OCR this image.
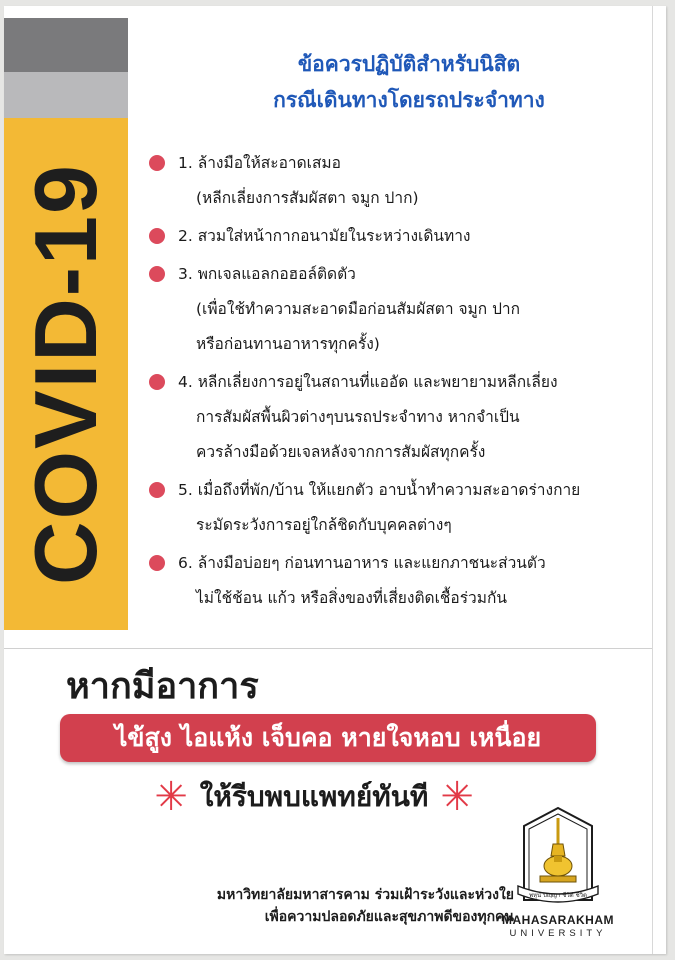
COVID-19
ข้อควรปฏิบัติสำหรับนิสิต
กรณีเดินทางโดยรถประจำทาง
1. ล้างมือให้สะอาดเสมอ
(หลีกเลี่ยงการสัมผัสตา จมูก ปาก)
2. สวมใส่หน้ากากอนามัยในระหว่างเดินทาง
3. พกเจลแอลกอฮอล์ติดตัว
(เพื่อใช้ทำความสะอาดมือก่อนสัมผัสตา จมูก ปาก
หรือก่อนทานอาหารทุกครั้ง)
4. หลีกเลี่ยงการอยู่ในสถานที่แออัด และพยายามหลีกเลี่ยง
การสัมผัสพื้นผิวต่างๆบนรถประจำทาง หากจำเป็น
ควรล้างมือด้วยเจลหลังจากการสัมผัสทุกครั้ง
5. เมื่อถึงที่พัก/บ้าน ให้แยกตัว อาบน้ำทำความสะอาดร่างกาย
ระมัดระวังการอยู่ใกล้ชิดกับบุคคลต่างๆ
6. ล้างมือบ่อยๆ ก่อนทานอาหาร และแยกภาชนะส่วนตัว
ไม่ใช้ช้อน แก้ว หรือสิ่งของที่เสี่ยงติดเชื้อร่วมกัน
หากมีอาการ
ไข้สูง ไอแห้ง เจ็บคอ หายใจหอบ เหนื่อย
✳ ให้รีบพบแพทย์ทันที ✳
มหาวิทยาลัยมหาสารคาม ร่วมเฝ้าระวังและห่วงใย
เพื่อความปลอดภัยและสุขภาพดีของทุกคน
พหุนํ ปญฺญา ชีวิตํ ชีวิต
MAHASARAKHAM
UNIVERSITY
